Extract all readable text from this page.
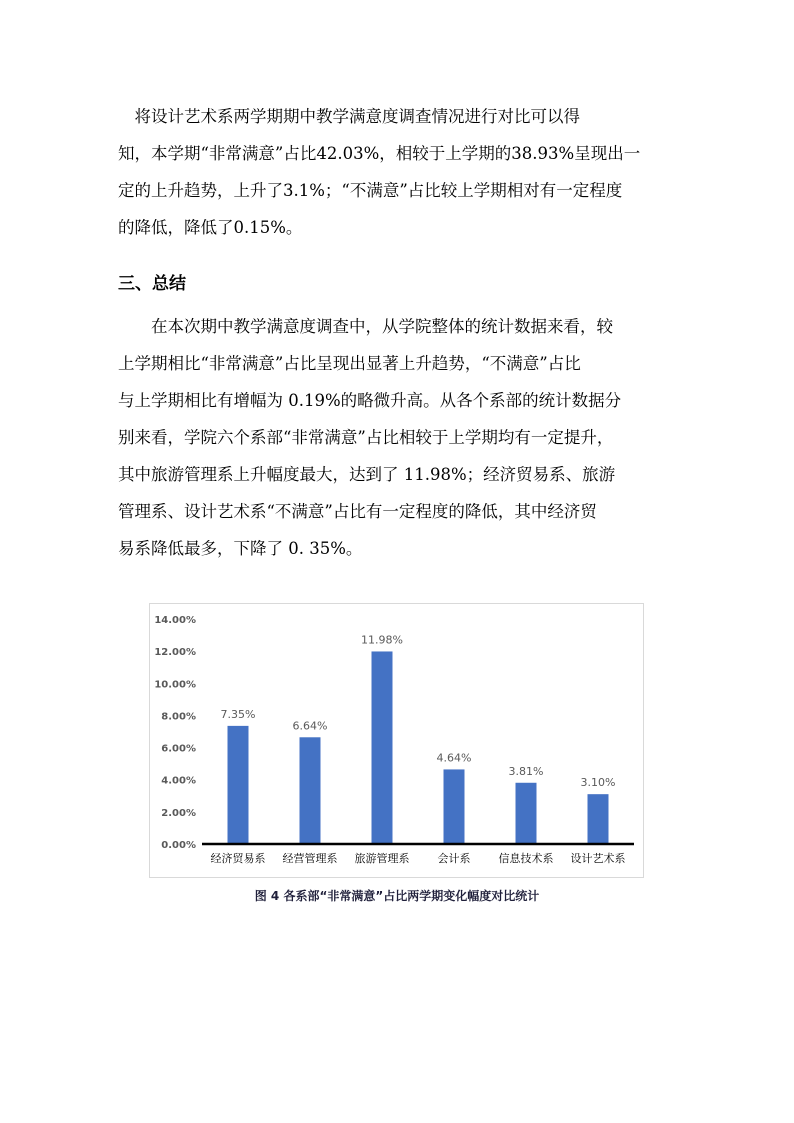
　将设计艺术系两学期期中教学满意度调查情况进行对比可以得
知，本学期“非常满意”占比42.03%，相较于上学期的38.93%呈现出一
定的上升趋势，上升了3.1%；“不满意”占比较上学期相对有一定程度
的降低，降低了0.15%。
三、总结
在本次期中教学满意度调查中，从学院整体的统计数据来看，较
上学期相比“非常满意”占比呈现出显著上升趋势，“不满意”占比
与上学期相比有增幅为 0.19%的略微升高。从各个系部的统计数据分
别来看，学院六个系部“非常满意”占比相较于上学期均有一定提升，
其中旅游管理系上升幅度最大，达到了 11.98%；经济贸易系、旅游
管理系、设计艺术系“不满意”占比有一定程度的降低，其中经济贸
易系降低最多，下降了 0. 35%。
0.00%
2.00%
4.00%
6.00%
8.00%
10.00%
12.00%
14.00%
7.35%
经济贸易系
6.64%
经营管理系
11.98%
旅游管理系
4.64%
会计系
3.81%
信息技术系
3.10%
设计艺术系
图 4 各系部“非常满意”占比两学期变化幅度对比统计
